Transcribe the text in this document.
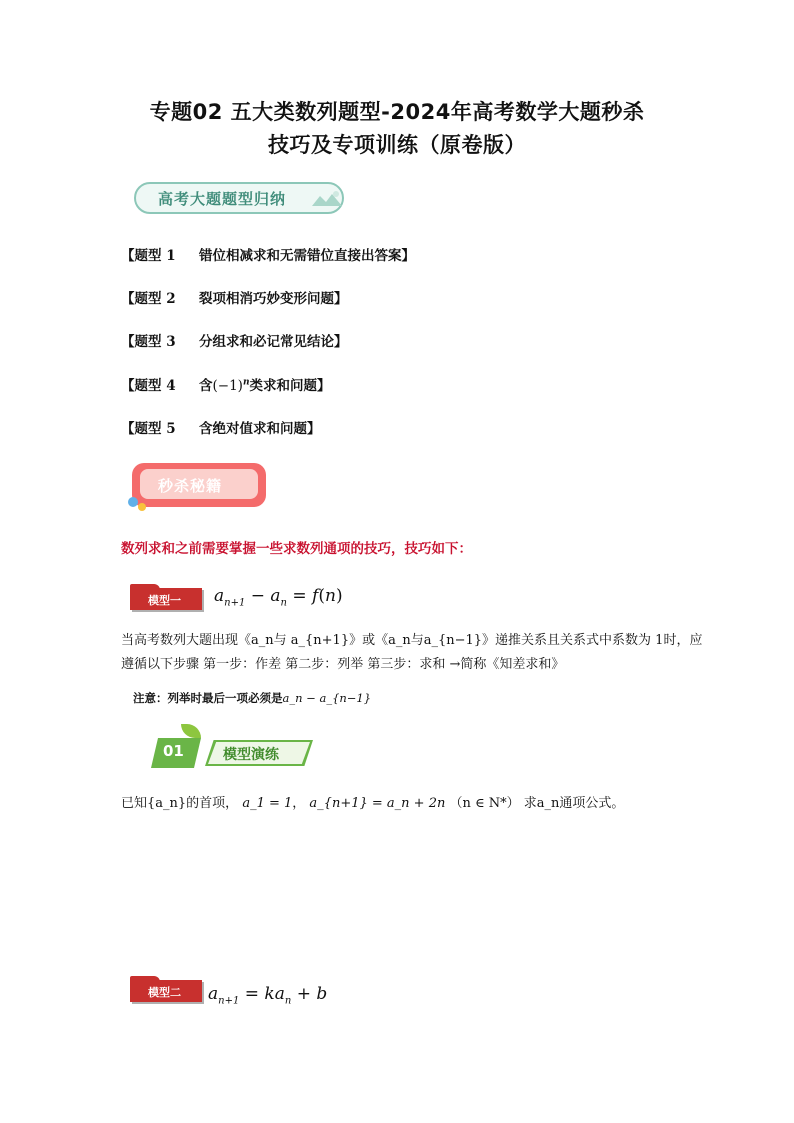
专题02 五大类数列题型-2024年高考数学大题秒杀
技巧及专项训练（原卷版）
高考大题题型归纳
【题型 1 错位相减求和无需错位直接出答案】
【题型 2 裂项相消巧妙变形问题】
【题型 3 分组求和必记常见结论】
【题型 4 含$(-1)^n$类求和问题】
【题型 5 含绝对值求和问题】
秒杀秘籍
数列求和之前需要掌握一些求数列通项的技巧，技巧如下：
模型一 $a_{n+1} - a_n = f(n)$
当高考数列大题出现《a_n与 a_{n+1}》或《a_n与a_{n−1}》递推关系且关系式中系数为 1时，应
遵循以下步骤 第一步：作差 第二步：列举 第三步：求和 →简称《知差求和》
注意：列举时最后一项必须是a_n − a_{n−1}
01	模型演练
已知{a_n}的首项， a_1 = 1， a_{n+1} = a_n + 2n （n ∈ N*） 求a_n通项公式。
模型二 $a_{n+1} = ka_n + b$
